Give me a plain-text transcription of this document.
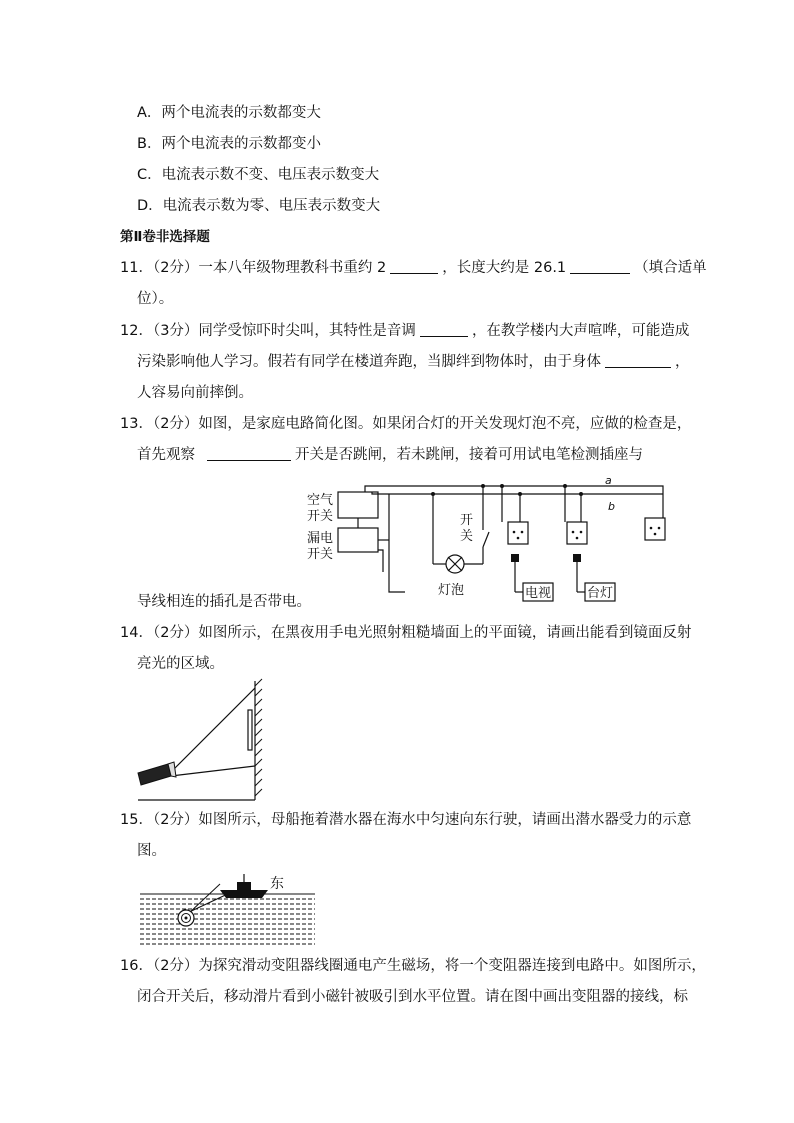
A．两个电流表的示数都变大
B．两个电流表的示数都变小
C．电流表示数不变、电压表示数变大
D．电流表示数为零、电压表示数变大
第Ⅱ卷非选择题
11．（2分）一本八年级物理教科书重约 2	，长度大约是 26.1	（填合适单
位）。
12．（3分）同学受惊吓时尖叫，其特性是音调	，在教学楼内大声喧哗，可能造成
污染影响他人学习。假若有同学在楼道奔跑，当脚绊到物体时，由于身体	，
人容易向前摔倒。
13．（2分）如图，是家庭电路简化图。如果闭合灯的开关发现灯泡不亮，应做的检查是，
首先观察	开关是否跳闸，若未跳闸，接着可用试电笔检测插座与
空气
开关
漏电
开关
开
关
灯泡	电视	台灯
a
b
导线相连的插孔是否带电。
14．（2分）如图所示，在黑夜用手电光照射粗糙墙面上的平面镜，请画出能看到镜面反射
亮光的区域。
15．（2分）如图所示，母船拖着潜水器在海水中匀速向东行驶，请画出潜水器受力的示意
图。
东
16．（2分）为探究滑动变阻器线圈通电产生磁场，将一个变阻器连接到电路中。如图所示，
闭合开关后，移动滑片看到小磁针被吸引到水平位置。请在图中画出变阻器的接线，标
